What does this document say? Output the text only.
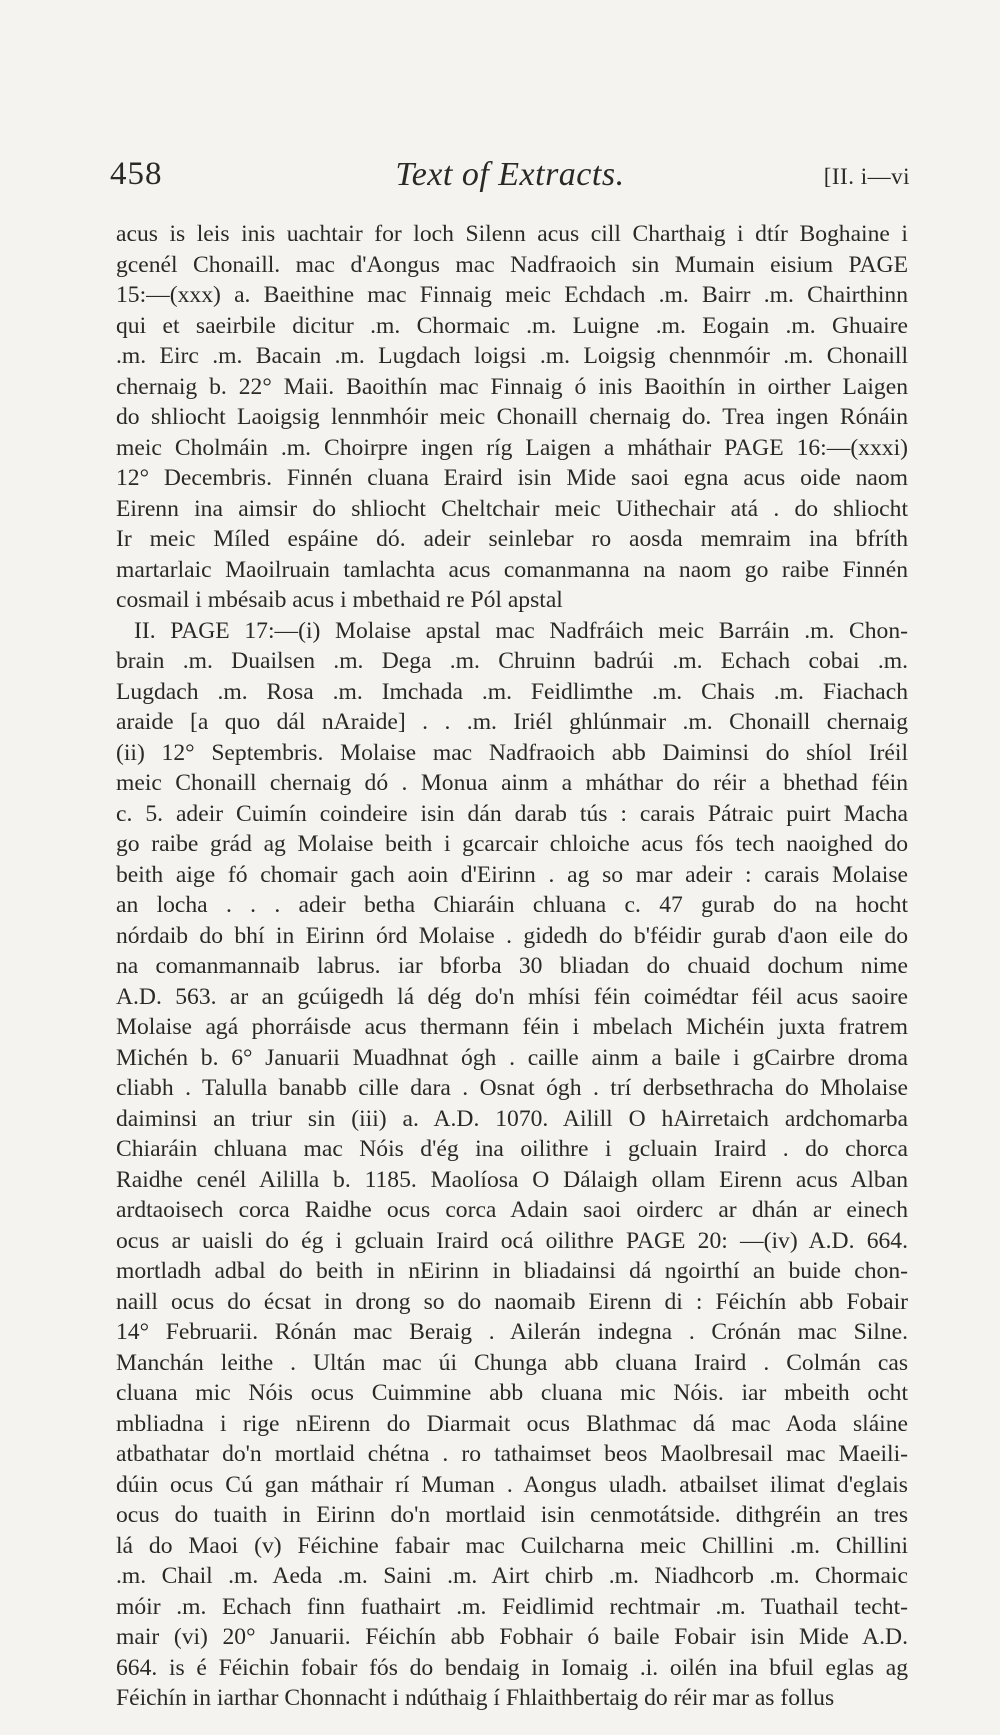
458	Text of Extracts.	[II. i—vi
acus is leis inis uachtair for loch Silenn acus cill Charthaig i dtír Boghaine i
gcenél Chonaill. mac d'Aongus mac Nadfraoich sin Mumain eisium PAGE
15:—(xxx) a. Baeithine mac Finnaig meic Echdach .m. Bairr .m. Chairthinn
qui et saeirbile dicitur .m. Chormaic .m. Luigne .m. Eogain .m. Ghuaire
.m. Eirc .m. Bacain .m. Lugdach loigsi .m. Loigsig chennmóir .m. Chonaill
chernaig b. 22° Maii. Baoithín mac Finnaig ó inis Baoithín in oirther Laigen
do shliocht Laoigsig lennmhóir meic Chonaill chernaig do. Trea ingen Rónáin
meic Cholmáin .m. Choirpre ingen ríg Laigen a mháthair PAGE 16:—(xxxi)
12° Decembris. Finnén cluana Eraird isin Mide saoi egna acus oide naom
Eirenn ina aimsir do shliocht Cheltchair meic Uithechair atá . do shliocht
Ir meic Míled espáine dó. adeir seinlebar ro aosda memraim ina bfríth
martarlaic Maoilruain tamlachta acus comanmanna na naom go raibe Finnén
cosmail i mbésaib acus i mbethaid re Pól apstal
II. PAGE 17:—(i) Molaise apstal mac Nadfráich meic Barráin .m. Chon-
brain .m. Duailsen .m. Dega .m. Chruinn badrúi .m. Echach cobai .m.
Lugdach .m. Rosa .m. Imchada .m. Feidlimthe .m. Chais .m. Fiachach
araide [a quo dál nAraide] . . .m. Iriél ghlúnmair .m. Chonaill chernaig
(ii) 12° Septembris. Molaise mac Nadfraoich abb Daiminsi do shíol Iréil
meic Chonaill chernaig dó . Monua ainm a mháthar do réir a bhethad féin
c. 5. adeir Cuimín coindeire isin dán darab tús : carais Pátraic puirt Macha
go raibe grád ag Molaise beith i gcarcair chloiche acus fós tech naoighed do
beith aige fó chomair gach aoin d'Eirinn . ag so mar adeir : carais Molaise
an locha . . . adeir betha Chiaráin chluana c. 47 gurab do na hocht
nórdaib do bhí in Eirinn órd Molaise . gidedh do b'féidir gurab d'aon eile do
na comanmannaib labrus. iar bforba 30 bliadan do chuaid dochum nime
A.D. 563. ar an gcúigedh lá dég do'n mhísi féin coimédtar féil acus saoire
Molaise agá phorráisde acus thermann féin i mbelach Michéin juxta fratrem
Michén b. 6° Januarii Muadhnat ógh . caille ainm a baile i gCairbre droma
cliabh . Talulla banabb cille dara . Osnat ógh . trí derbsethracha do Mholaise
daiminsi an triur sin (iii) a. A.D. 1070. Ailill O hAirretaich ardchomarba
Chiaráin chluana mac Nóis d'ég ina oilithre i gcluain Iraird . do chorca
Raidhe cenél Aililla b. 1185. Maolíosa O Dálaigh ollam Eirenn acus Alban
ardtaoisech corca Raidhe ocus corca Adain saoi oirderc ar dhán ar einech
ocus ar uaisli do ég i gcluain Iraird ocá oilithre PAGE 20: —(iv) A.D. 664.
mortladh adbal do beith in nEirinn in bliadainsi dá ngoirthí an buide chon-
naill ocus do écsat in drong so do naomaib Eirenn di : Féichín abb Fobair
14° Februarii. Rónán mac Beraig . Ailerán indegna . Crónán mac Silne.
Manchán leithe . Ultán mac úi Chunga abb cluana Iraird . Colmán cas
cluana mic Nóis ocus Cuimmine abb cluana mic Nóis. iar mbeith ocht
mbliadna i rige nEirenn do Diarmait ocus Blathmac dá mac Aoda sláine
atbathatar do'n mortlaid chétna . ro tathaimset beos Maolbresail mac Maeili-
dúin ocus Cú gan máthair rí Muman . Aongus uladh. atbailset ilimat d'eglais
ocus do tuaith in Eirinn do'n mortlaid isin cenmotátside. dithgréin an tres
lá do Maoi (v) Féichine fabair mac Cuilcharna meic Chillini .m. Chillini
.m. Chail .m. Aeda .m. Saini .m. Airt chirb .m. Niadhcorb .m. Chormaic
móir .m. Echach finn fuathairt .m. Feidlimid rechtmair .m. Tuathail techt-
mair (vi) 20° Januarii. Féichín abb Fobhair ó baile Fobair isin Mide A.D.
664. is é Féichin fobair fós do bendaig in Iomaig .i. oilén ina bfuil eglas ag
Féichín in iarthar Chonnacht i ndúthaig í Fhlaithbertaig do réir mar as follus
